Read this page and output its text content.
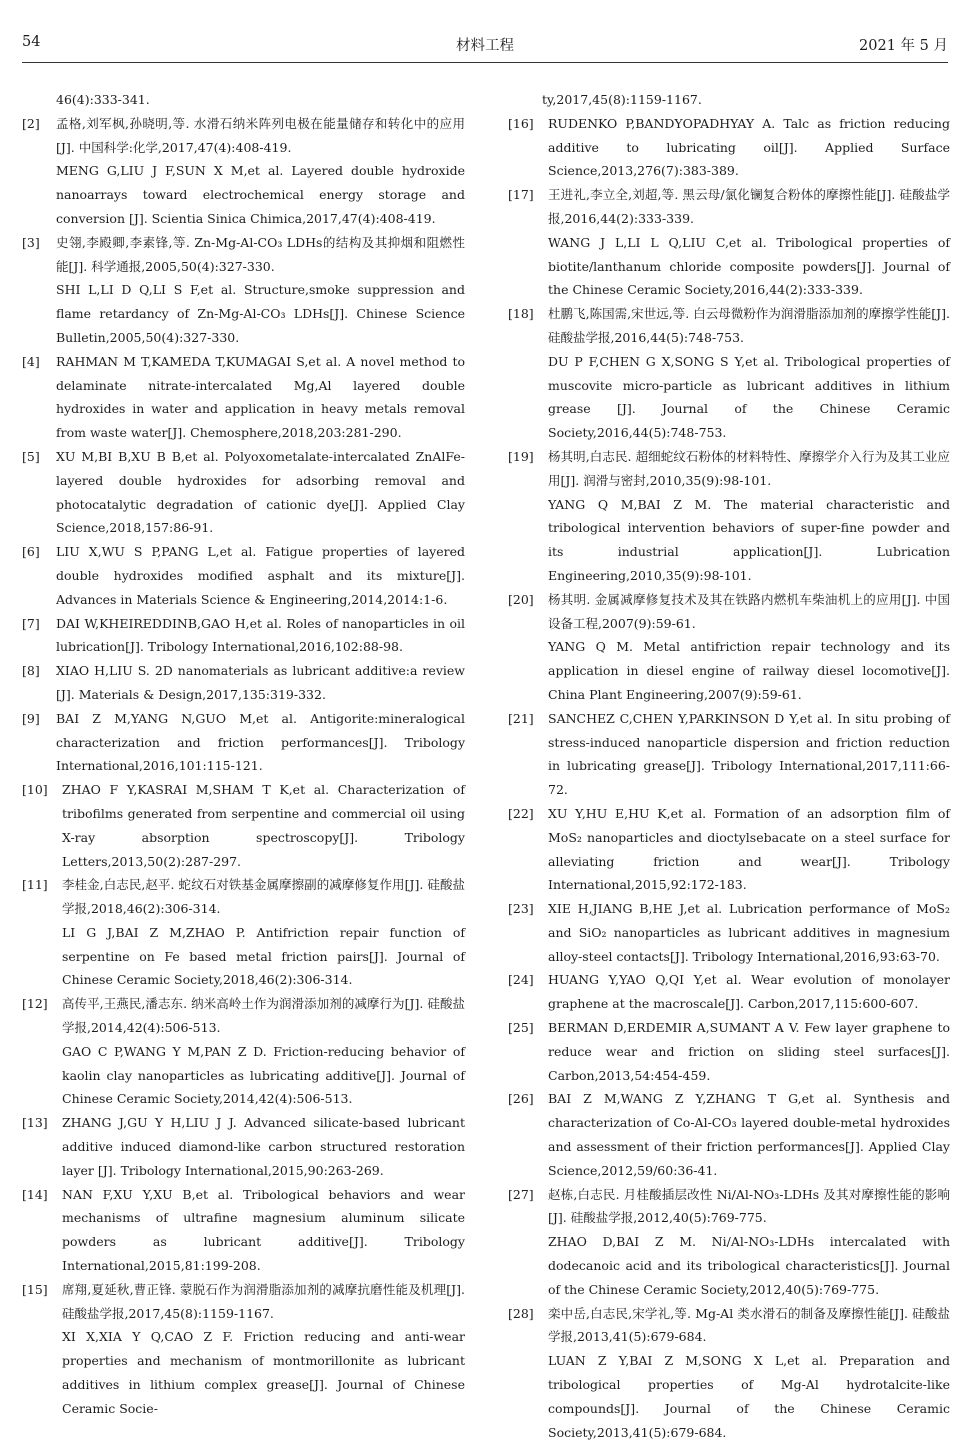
54	材料工程	2021 年 5 月

46(4):333-341.

[2] 孟格,刘军枫,孙晓明,等. 水滑石纳米阵列电极在能量储存和转化中的应用[J]. 中国科学:化学,2017,47(4):408-419.

MENG G,LIU J F,SUN X M,et al. Layered double hydroxide nanoarrays toward electrochemical energy storage and conversion [J]. Scientia Sinica Chimica,2017,47(4):408-419.

[3] 史翎,李殿卿,李素锋,等. Zn-Mg-Al-CO₃ LDHs的结构及其抑烟和阻燃性能[J]. 科学通报,2005,50(4):327-330.

SHI L,LI D Q,LI S F,et al. Structure,smoke suppression and flame retardancy of Zn-Mg-Al-CO₃ LDHs[J]. Chinese Science Bulletin,2005,50(4):327-330.

[4] RAHMAN M T,KAMEDA T,KUMAGAI S,et al. A novel method to delaminate nitrate-intercalated Mg,Al layered double hydroxides in water and application in heavy metals removal from waste water[J]. Chemosphere,2018,203:281-290.

[5] XU M,BI B,XU B B,et al. Polyoxometalate-intercalated ZnAlFe-layered double hydroxides for adsorbing removal and photocatalytic degradation of cationic dye[J]. Applied Clay Science,2018,157:86-91.

[6] LIU X,WU S P,PANG L,et al. Fatigue properties of layered double hydroxides modified asphalt and its mixture[J]. Advances in Materials Science & Engineering,2014,2014:1-6.

[7] DAI W,KHEIREDDINB,GAO H,et al. Roles of nanoparticles in oil lubrication[J]. Tribology International,2016,102:88-98.

[8] XIAO H,LIU S. 2D nanomaterials as lubricant additive:a review [J]. Materials & Design,2017,135:319-332.

[9] BAI Z M,YANG N,GUO M,et al. Antigorite:mineralogical characterization and friction performances[J]. Tribology International,2016,101:115-121.

[10] ZHAO F Y,KASRAI M,SHAM T K,et al. Characterization of tribofilms generated from serpentine and commercial oil using X-ray absorption spectroscopy[J]. Tribology Letters,2013,50(2):287-297.

[11] 李桂金,白志民,赵平. 蛇纹石对铁基金属摩擦副的减摩修复作用[J]. 硅酸盐学报,2018,46(2):306-314.

LI G J,BAI Z M,ZHAO P. Antifriction repair function of serpentine on Fe based metal friction pairs[J]. Journal of Chinese Ceramic Society,2018,46(2):306-314.

[12] 高传平,王燕民,潘志东. 纳米高岭土作为润滑添加剂的减摩行为[J]. 硅酸盐学报,2014,42(4):506-513.

GAO C P,WANG Y M,PAN Z D. Friction-reducing behavior of kaolin clay nanoparticles as lubricating additive[J]. Journal of Chinese Ceramic Society,2014,42(4):506-513.

[13] ZHANG J,GU Y H,LIU J J. Advanced silicate-based lubricant additive induced diamond-like carbon structured restoration layer [J]. Tribology International,2015,90:263-269.

[14] NAN F,XU Y,XU B,et al. Tribological behaviors and wear mechanisms of ultrafine magnesium aluminum silicate powders as lubricant additive[J]. Tribology International,2015,81:199-208.

[15] 席翔,夏延秋,曹正锋. 蒙脱石作为润滑脂添加剂的减摩抗磨性能及机理[J]. 硅酸盐学报,2017,45(8):1159-1167.

XI X,XIA Y Q,CAO Z F. Friction reducing and anti-wear properties and mechanism of montmorillonite as lubricant additives in lithium complex grease[J]. Journal of Chinese Ceramic Socie-

ty,2017,45(8):1159-1167.

[16] RUDENKO P,BANDYOPADHYAY A. Talc as friction reducing additive to lubricating oil[J]. Applied Surface Science,2013,276(7):383-389.

[17] 王进礼,李立全,刘超,等. 黑云母/氯化镧复合粉体的摩擦性能[J]. 硅酸盐学报,2016,44(2):333-339.

WANG J L,LI L Q,LIU C,et al. Tribological properties of biotite/lanthanum chloride composite powders[J]. Journal of the Chinese Ceramic Society,2016,44(2):333-339.

[18] 杜鹏飞,陈国需,宋世远,等. 白云母微粉作为润滑脂添加剂的摩擦学性能[J]. 硅酸盐学报,2016,44(5):748-753.

DU P F,CHEN G X,SONG S Y,et al. Tribological properties of muscovite micro-particle as lubricant additives in lithium grease [J]. Journal of the Chinese Ceramic Society,2016,44(5):748-753.

[19] 杨其明,白志民. 超细蛇纹石粉体的材料特性、摩擦学介入行为及其工业应用[J]. 润滑与密封,2010,35(9):98-101.

YANG Q M,BAI Z M. The material characteristic and tribological intervention behaviors of super-fine powder and its industrial application[J]. Lubrication Engineering,2010,35(9):98-101.

[20] 杨其明. 金属减摩修复技术及其在铁路内燃机车柴油机上的应用[J]. 中国设备工程,2007(9):59-61.

YANG Q M. Metal antifriction repair technology and its application in diesel engine of railway diesel locomotive[J]. China Plant Engineering,2007(9):59-61.

[21] SANCHEZ C,CHEN Y,PARKINSON D Y,et al. In situ probing of stress-induced nanoparticle dispersion and friction reduction in lubricating grease[J]. Tribology International,2017,111:66-72.

[22] XU Y,HU E,HU K,et al. Formation of an adsorption film of MoS₂ nanoparticles and dioctylsebacate on a steel surface for alleviating friction and wear[J]. Tribology International,2015,92:172-183.

[23] XIE H,JIANG B,HE J,et al. Lubrication performance of MoS₂ and SiO₂ nanoparticles as lubricant additives in magnesium alloy-steel contacts[J]. Tribology International,2016,93:63-70.

[24] HUANG Y,YAO Q,QI Y,et al. Wear evolution of monolayer graphene at the macroscale[J]. Carbon,2017,115:600-607.

[25] BERMAN D,ERDEMIR A,SUMANT A V. Few layer graphene to reduce wear and friction on sliding steel surfaces[J]. Carbon,2013,54:454-459.

[26] BAI Z M,WANG Z Y,ZHANG T G,et al. Synthesis and characterization of Co-Al-CO₃ layered double-metal hydroxides and assessment of their friction performances[J]. Applied Clay Science,2012,59/60:36-41.

[27] 赵栋,白志民. 月桂酸插层改性 Ni/Al-NO₃-LDHs 及其对摩擦性能的影响[J]. 硅酸盐学报,2012,40(5):769-775.

ZHAO D,BAI Z M. Ni/Al-NO₃-LDHs intercalated with dodecanoic acid and its tribological characteristics[J]. Journal of the Chinese Ceramic Society,2012,40(5):769-775.

[28] 栾中岳,白志民,宋学礼,等. Mg-Al 类水滑石的制备及摩擦性能[J]. 硅酸盐学报,2013,41(5):679-684.

LUAN Z Y,BAI Z M,SONG X L,et al. Preparation and tribological properties of Mg-Al hydrotalcite-like compounds[J]. Journal of the Chinese Ceramic Society,2013,41(5):679-684.
